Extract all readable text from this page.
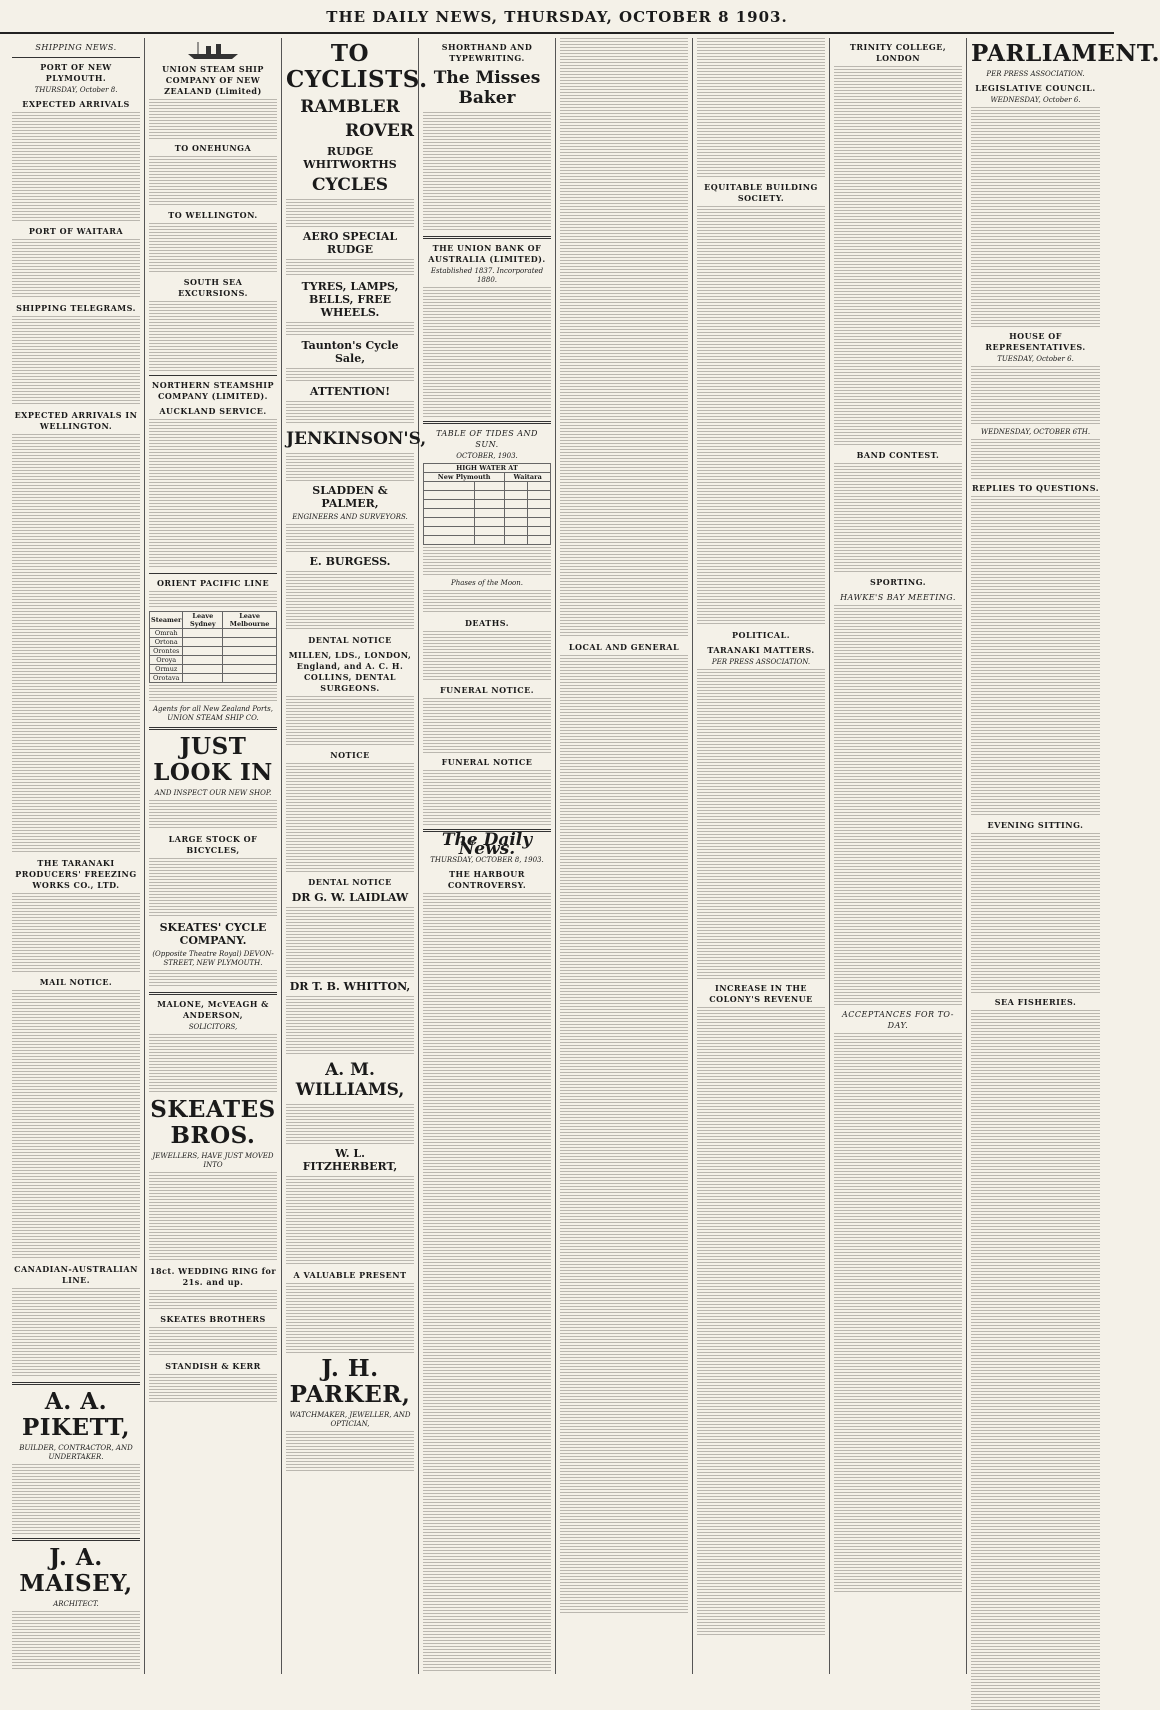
THE DAILY NEWS, THURSDAY, OCTOBER 8 1903.
SHIPPING NEWS.
PORT OF NEW PLYMOUTH.
THURSDAY, October 8.
EXPECTED ARRIVALS
PORT OF WAITARA
SHIPPING TELEGRAMS.
EXPECTED ARRIVALS IN WELLINGTON.
THE TARANAKI PRODUCERS' FREEZING WORKS CO., LTD.
MAIL NOTICE.
CANADIAN-AUSTRALIAN LINE.
A. A. PIKETT,
BUILDER, CONTRACTOR, AND UNDERTAKER.
J. A. MAISEY,
ARCHITECT.
UNION STEAM SHIP COMPANY OF NEW ZEALAND (Limited)
TO ONEHUNGA
TO WELLINGTON.
SOUTH SEA EXCURSIONS.
NORTHERN STEAMSHIP COMPANY (LIMITED).
AUCKLAND SERVICE.
ORIENT PACIFIC LINE
Steamer	Leave Sydney	Leave Melbourne
Omrah		
Ortona		
Orontes		
Oroya		
Ormuz		
Orotava		
Agents for all New Zealand Ports, UNION STEAM SHIP CO.
JUST LOOK IN
AND INSPECT OUR NEW SHOP.
LARGE STOCK OF BICYCLES,
SKEATES' CYCLE COMPANY.
(Opposite Theatre Royal) DEVON-STREET, NEW PLYMOUTH.
MALONE, McVEAGH & ANDERSON,
SOLICITORS,
SKEATES BROS.
JEWELLERS, HAVE JUST MOVED INTO
18ct. WEDDING RING for 21s. and up.
SKEATES BROTHERS
STANDISH & KERR
TO CYCLISTS.
RAMBLER
ROVER
RUDGE WHITWORTHS
CYCLES
AERO SPECIAL RUDGE
TYRES, LAMPS, BELLS, FREE WHEELS.
Taunton's Cycle Sale,
ATTENTION!
JENKINSON'S,
SLADDEN & PALMER,
ENGINEERS AND SURVEYORS.
E. BURGESS.
DENTAL NOTICE
MILLEN, LDS., LONDON, England, and A. C. H. COLLINS, DENTAL SURGEONS.
NOTICE
DENTAL NOTICE
DR G. W. LAIDLAW
DR T. B. WHITTON,
A. M. WILLIAMS,
W. L. FITZHERBERT,
A VALUABLE PRESENT
J. H. PARKER,
WATCHMAKER, JEWELLER, AND OPTICIAN,
SHORTHAND AND TYPEWRITING.
The Misses Baker
THE UNION BANK OF AUSTRALIA (LIMITED).
Established 1837. Incorporated 1880.
TABLE OF TIDES AND SUN.
OCTOBER, 1903.
HIGH WATER AT			
New Plymouth		Waitara	

Phases of the Moon.
DEATHS.
FUNERAL NOTICE.
FUNERAL NOTICE
The Daily News.
THURSDAY, OCTOBER 8, 1903.
THE HARBOUR CONTROVERSY.
LOCAL AND GENERAL
EQUITABLE BUILDING SOCIETY.
POLITICAL.
TARANAKI MATTERS.
PER PRESS ASSOCIATION.
INCREASE IN THE COLONY'S REVENUE
TRINITY COLLEGE, LONDON
BAND CONTEST.
SPORTING.
HAWKE'S BAY MEETING.
ACCEPTANCES FOR TO-DAY.
PARLIAMENT.
PER PRESS ASSOCIATION.
LEGISLATIVE COUNCIL.
WEDNESDAY, October 6.
HOUSE OF REPRESENTATIVES.
TUESDAY, October 6.
WEDNESDAY, OCTOBER 6TH.
REPLIES TO QUESTIONS.
EVENING SITTING.
SEA FISHERIES.
